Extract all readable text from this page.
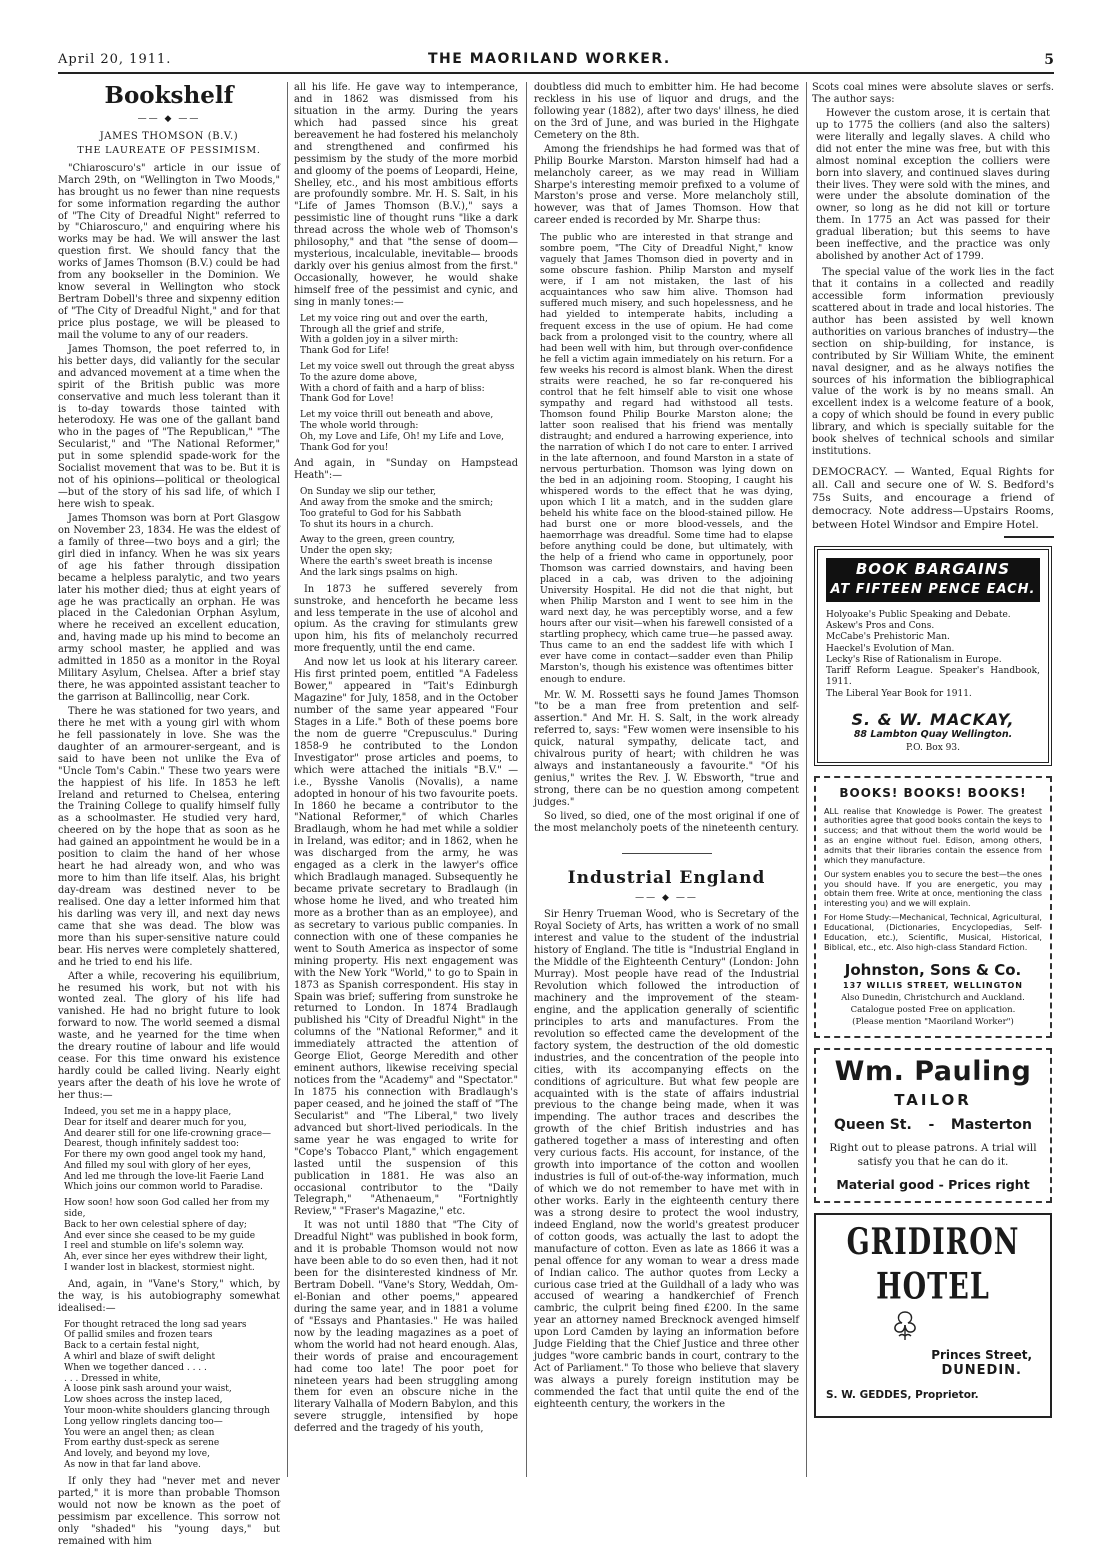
April 20, 1911.	THE MAORILAND WORKER.	5
Bookshelf
—— ◆ ——
JAMES THOMSON (B.V.)
THE LAUREATE OF PESSIMISM.

"Chiaroscuro's" article in our issue of March 29th, on "Wellington in Two Moods," has brought us no fewer than nine requests for some information regarding the author of "The City of Dreadful Night" referred to by "Chiaroscuro," and enquiring where his works may be had. We will answer the last question first. We should fancy that the works of James Thomson (B.V.) could be had from any bookseller in the Dominion. We know several in Wellington who stock Bertram Dobell's three and sixpenny edition of "The City of Dreadful Night," and for that price plus postage, we will be pleased to mail the volume to any of our readers.

James Thomson, the poet referred to, in his better days, did valiantly for the secular and advanced movement at a time when the spirit of the British public was more conservative and much less tolerant than it is to-day towards those tainted with heterodoxy. He was one of the gallant band who in the pages of "The Republican," "The Secularist," and "The National Reformer," put in some splendid spade-work for the Socialist movement that was to be. But it is not of his opinions—political or theological—but of the story of his sad life, of which I here wish to speak.

James Thomson was born at Port Glasgow on November 23, 1834. He was the eldest of a family of three—two boys and a girl; the girl died in infancy. When he was six years of age his father through dissipation became a helpless paralytic, and two years later his mother died; thus at eight years of age he was practically an orphan. He was placed in the Caledonian Orphan Asylum, where he received an excellent education, and, having made up his mind to become an army school master, he applied and was admitted in 1850 as a monitor in the Royal Military Asylum, Chelsea. After a brief stay there, he was appointed assistant teacher to the garrison at Ballincollig, near Cork.

There he was stationed for two years, and there he met with a young girl with whom he fell passionately in love. She was the daughter of an armourer-sergeant, and is said to have been not unlike the Eva of "Uncle Tom's Cabin." These two years were the happiest of his life. In 1853 he left Ireland and returned to Chelsea, entering the Training College to qualify himself fully as a schoolmaster. He studied very hard, cheered on by the hope that as soon as he had gained an appointment he would be in a position to claim the hand of her whose heart he had already won, and who was more to him than life itself. Alas, his bright day-dream was destined never to be realised. One day a letter informed him that his darling was very ill, and next day news came that she was dead. The blow was more than his super-sensitive nature could bear. His nerves were completely shattered, and he tried to end his life.

After a while, recovering his equilibrium, he resumed his work, but not with his wonted zeal. The glory of his life had vanished. He had no bright future to look forward to now. The world seemed a dismal waste, and he yearned for the time when the dreary routine of labour and life would cease. For this time onward his existence hardly could be called living. Nearly eight years after the death of his love he wrote of her thus:—

Indeed, you set me in a happy place,
Dear for itself and dearer much for you,
And dearer still for one life-crowning grace—
Dearest, though infinitely saddest too:
For there my own good angel took my hand,
And filled my soul with glory of her eyes,
And led me through the love-lit Faerie Land
Which joins our common world to Paradise.
How soon! how soon God called her from my side,
Back to her own celestial sphere of day;
And ever since she ceased to be my guide
I reel and stumble on life's solemn way.
Ah, ever since her eyes withdrew their light,
I wander lost in blackest, stormiest night.

And, again, in "Vane's Story," which, by the way, is his autobiography somewhat idealised:—

For thought retraced the long sad years
Of pallid smiles and frozen tears
Back to a certain festal night,
A whirl and blaze of swift delight
When we together danced . . . .
. . . Dressed in white,
A loose pink sash around your waist,
Low shoes across the instep laced,
Your moon-white shoulders glancing through
Long yellow ringlets dancing too—
You were an angel then; as clean
From earthy dust-speck as serene
And lovely, and beyond my love,
As now in that far land above.

If only they had "never met and never parted," it is more than probable Thomson would not now be known as the poet of pessimism par excellence. This sorrow not only "shaded" his "young days," but remained with him

all his life. He gave way to intemperance, and in 1862 was dismissed from his situation in the army. During the years which had passed since his great bereavement he had fostered his melancholy and strengthened and confirmed his pessimism by the study of the more morbid and gloomy of the poems of Leopardi, Heine, Shelley, etc., and his most ambitious efforts are profoundly sombre. Mr. H. S. Salt, in his "Life of James Thomson (B.V.)," says a pessimistic line of thought runs "like a dark thread across the whole web of Thomson's philosophy," and that "the sense of doom—mysterious, incalculable, inevitable— broods darkly over his genius almost from the first." Occasionally, however, he would shake himself free of the pessimist and cynic, and sing in manly tones:—

Let my voice ring out and over the earth,
Through all the grief and strife,
With a golden joy in a silver mirth:
Thank God for Life!
Let my voice swell out through the great abyss
To the azure dome above,
With a chord of faith and a harp of bliss:
Thank God for Love!
Let my voice thrill out beneath and above,
The whole world through:
Oh, my Love and Life, Oh! my Life and Love,
Thank God for you!

And again, in "Sunday on Hampstead Heath":—

On Sunday we slip our tether,
And away from the smoke and the smirch;
Too grateful to God for his Sabbath
To shut its hours in a church.
Away to the green, green country,
Under the open sky;
Where the earth's sweet breath is incense
And the lark sings psalms on high.

In 1873 he suffered severely from sunstroke, and henceforth he became less and less temperate in the use of alcohol and opium. As the craving for stimulants grew upon him, his fits of melancholy recurred more frequently, until the end came.

And now let us look at his literary career. His first printed poem, entitled "A Fadeless Bower," appeared in "Tait's Edinburgh Magazine" for July, 1858, and in the October number of the same year appeared "Four Stages in a Life." Both of these poems bore the nom de guerre "Crepusculus." During 1858-9 he contributed to the London Investigator" prose articles and poems, to which were attached the initials "B.V." — i.e., Bysshe Vanolis (Novalis), a name adopted in honour of his two favourite poets. In 1860 he became a contributor to the "National Reformer," of which Charles Bradlaugh, whom he had met while a soldier in Ireland, was editor; and in 1862, when he was discharged from the army, he was engaged as a clerk in the lawyer's office which Bradlaugh managed. Subsequently he became private secretary to Bradlaugh (in whose home he lived, and who treated him more as a brother than as an employee), and as secretary to various public companies. In connection with one of these companies he went to South America as inspector of some mining property. His next engagement was with the New York "World," to go to Spain in 1873 as Spanish correspondent. His stay in Spain was brief; suffering from sunstroke he returned to London. In 1874 Bradlaugh published his "City of Dreadful Night" in the columns of the "National Reformer," and it immediately attracted the attention of George Eliot, George Meredith and other eminent authors, likewise receiving special notices from the "Academy" and "Spectator." In 1875 his connection with Bradlaugh's paper ceased, and he joined the staff of "The Secularist" and "The Liberal," two lively advanced but short-lived periodicals. In the same year he was engaged to write for "Cope's Tobacco Plant," which engagement lasted until the suspension of this publication in 1881. He was also an occasional contributor to the "Daily Telegraph," "Athenaeum," "Fortnightly Review," "Fraser's Magazine," etc.

It was not until 1880 that "The City of Dreadful Night" was published in book form, and it is probable Thomson would not now have been able to do so even then, had it not been for the disinterested kindness of Mr. Bertram Dobell. "Vane's Story, Weddah, Om-el-Bonian and other poems," appeared during the same year, and in 1881 a volume of "Essays and Phantasies." He was hailed now by the leading magazines as a poet of whom the world had not heard enough. Alas, their words of praise and encouragement had come too late! The poor poet for nineteen years had been struggling among them for even an obscure niche in the literary Valhalla of Modern Babylon, and this severe struggle, intensified by hope deferred and the tragedy of his youth,

doubtless did much to embitter him. He had become reckless in his use of liquor and drugs, and the following year (1882), after two days' illness, he died on the 3rd of June, and was buried in the Highgate Cemetery on the 8th.

Among the friendships he had formed was that of Philip Bourke Marston. Marston himself had had a melancholy career, as we may read in William Sharpe's interesting memoir prefixed to a volume of Marston's prose and verse. More melancholy still, however, was that of James Thomson. How that career ended is recorded by Mr. Sharpe thus:

The public who are interested in that strange and sombre poem, "The City of Dreadful Night," know vaguely that James Thomson died in poverty and in some obscure fashion. Philip Marston and myself were, if I am not mistaken, the last of his acquaintances who saw him alive. Thomson had suffered much misery, and such hopelessness, and he had yielded to intemperate habits, including a frequent excess in the use of opium. He had come back from a prolonged visit to the country, where all had been well with him, but through over-confidence he fell a victim again immediately on his return. For a few weeks his record is almost blank. When the direst straits were reached, he so far re-conquered his control that he felt himself able to visit one whose sympathy and regard had withstood all tests. Thomson found Philip Bourke Marston alone; the latter soon realised that his friend was mentally distraught; and endured a harrowing experience, into the narration of which I do not care to enter. I arrived in the late afternoon, and found Marston in a state of nervous perturbation. Thomson was lying down on the bed in an adjoining room. Stooping, I caught his whispered words to the effect that he was dying, upon which I lit a match, and in the sudden glare beheld his white face on the blood-stained pillow. He had burst one or more blood-vessels, and the haemorrhage was dreadful. Some time had to elapse before anything could be done, but ultimately, with the help of a friend who came in opportunely, poor Thomson was carried downstairs, and having been placed in a cab, was driven to the adjoining University Hospital. He did not die that night, but when Philip Marston and I went to see him in the ward next day, he was perceptibly worse, and a few hours after our visit—when his farewell consisted of a startling prophecy, which came true—he passed away. Thus came to an end the saddest life with which I ever have come in contact—sadder even than Philip Marston's, though his existence was oftentimes bitter enough to endure.

Mr. W. M. Rossetti says he found James Thomson "to be a man free from pretention and self-assertion." And Mr. H. S. Salt, in the work already referred to, says: "Few women were insensible to his quick, natural sympathy, delicate tact, and chivalrous purity of heart; with children he was always and instantaneously a favourite." "Of his genius," writes the Rev. J. W. Ebsworth, "true and strong, there can be no question among competent judges."

So lived, so died, one of the most original if one of the most melancholy poets of the nineteenth century.

Industrial England
—— ◆ ——

Sir Henry Trueman Wood, who is Secretary of the Royal Society of Arts, has written a work of no small interest and value to the student of the industrial history of England. The title is "Industrial England in the Middle of the Eighteenth Century" (London: John Murray). Most people have read of the Industrial Revolution which followed the introduction of machinery and the improvement of the steam-engine, and the application generally of scientific principles to arts and manufactures. From the revolution so effected came the development of the factory system, the destruction of the old domestic industries, and the concentration of the people into cities, with its accompanying effects on the conditions of agriculture. But what few people are acquainted with is the state of affairs industrial previous to the change being made, when it was impending. The author traces and describes the growth of the chief British industries and has gathered together a mass of interesting and often very curious facts. His account, for instance, of the growth into importance of the cotton and woollen industries is full of out-of-the-way information, much of which we do not remember to have met with in other works. Early in the eighteenth century there was a strong desire to protect the wool industry, indeed England, now the world's greatest producer of cotton goods, was actually the last to adopt the manufacture of cotton. Even as late as 1866 it was a penal offence for any woman to wear a dress made of Indian calico. The author quotes from Lecky a curious case tried at the Guildhall of a lady who was accused of wearing a handkerchief of French cambric, the culprit being fined £200. In the same year an attorney named Brecknock avenged himself upon Lord Camden by laying an information before Judge Fielding that the Chief Justice and three other judges "wore cambric bands in court, contrary to the Act of Parliament." To those who believe that slavery was always a purely foreign institution may be commended the fact that until quite the end of the eighteenth century, the workers in the

Scots coal mines were absolute slaves or serfs. The author says:

However the custom arose, it is certain that up to 1775 the colliers (and also the salters) were literally and legally slaves. A child who did not enter the mine was free, but with this almost nominal exception the colliers were born into slavery, and continued slaves during their lives. They were sold with the mines, and were under the absolute domination of the owner, so long as he did not kill or torture them. In 1775 an Act was passed for their gradual liberation; but this seems to have been ineffective, and the practice was only abolished by another Act of 1799.

The special value of the work lies in the fact that it contains in a collected and readily accessible form information previously scattered about in trade and local histories. The author has been assisted by well known authorities on various branches of industry—the section on ship-building, for instance, is contributed by Sir William White, the eminent naval designer, and as he always notifies the sources of his information the bibliographical value of the work is by no means small. An excellent index is a welcome feature of a book, a copy of which should be found in every public library, and which is specially suitable for the book shelves of technical schools and similar institutions.

DEMOCRACY. — Wanted, Equal Rights for all. Call and secure one of W. S. Bedford's 75s Suits, and encourage a friend of democracy. Note address—Upstairs Rooms, between Hotel Windsor and Empire Hotel.
BOOK BARGAINS
AT FIFTEEN PENCE EACH.
Holyoake's Public Speaking and Debate.
Askew's Pros and Cons.
McCabe's Prehistoric Man.
Haeckel's Evolution of Man.
Lecky's Rise of Rationalism in Europe.
Tariff Reform League. Speaker's Handbook, 1911.
The Liberal Year Book for 1911.
S. & W. MACKAY,
88 Lambton Quay Wellington.
P.O. Box 93.
BOOKS! BOOKS! BOOKS!
ALL realise that Knowledge is Power. The greatest authorities agree that good books contain the keys to success; and that without them the world would be as an engine without fuel. Edison, among others, admits that their libraries contain the essence from which they manufacture.
Our system enables you to secure the best—the ones you should have. If you are energetic, you may obtain them free. Write at once, mentioning the class interesting you) and we will explain.
For Home Study:—Mechanical, Technical, Agricultural, Educational, (Dictionaries, Encyclopedias, Self-Education, etc.), Scientific, Musical, Historical, Biblical, etc., etc. Also high-class Standard Fiction.
Johnston, Sons & Co.
137 WILLIS STREET, WELLINGTON
Also Dunedin, Christchurch and Auckland.
Catalogue posted Free on application.
(Please mention "Maoriland Worker")
Wm. Pauling
TAILOR
Queen St. - Masterton
Right out to please patrons. A trial will satisfy you that he can do it.
Material good - Prices right
GRIDIRON HOTEL
Princes Street,
DUNEDIN.
S. W. GEDDES, Proprietor.
